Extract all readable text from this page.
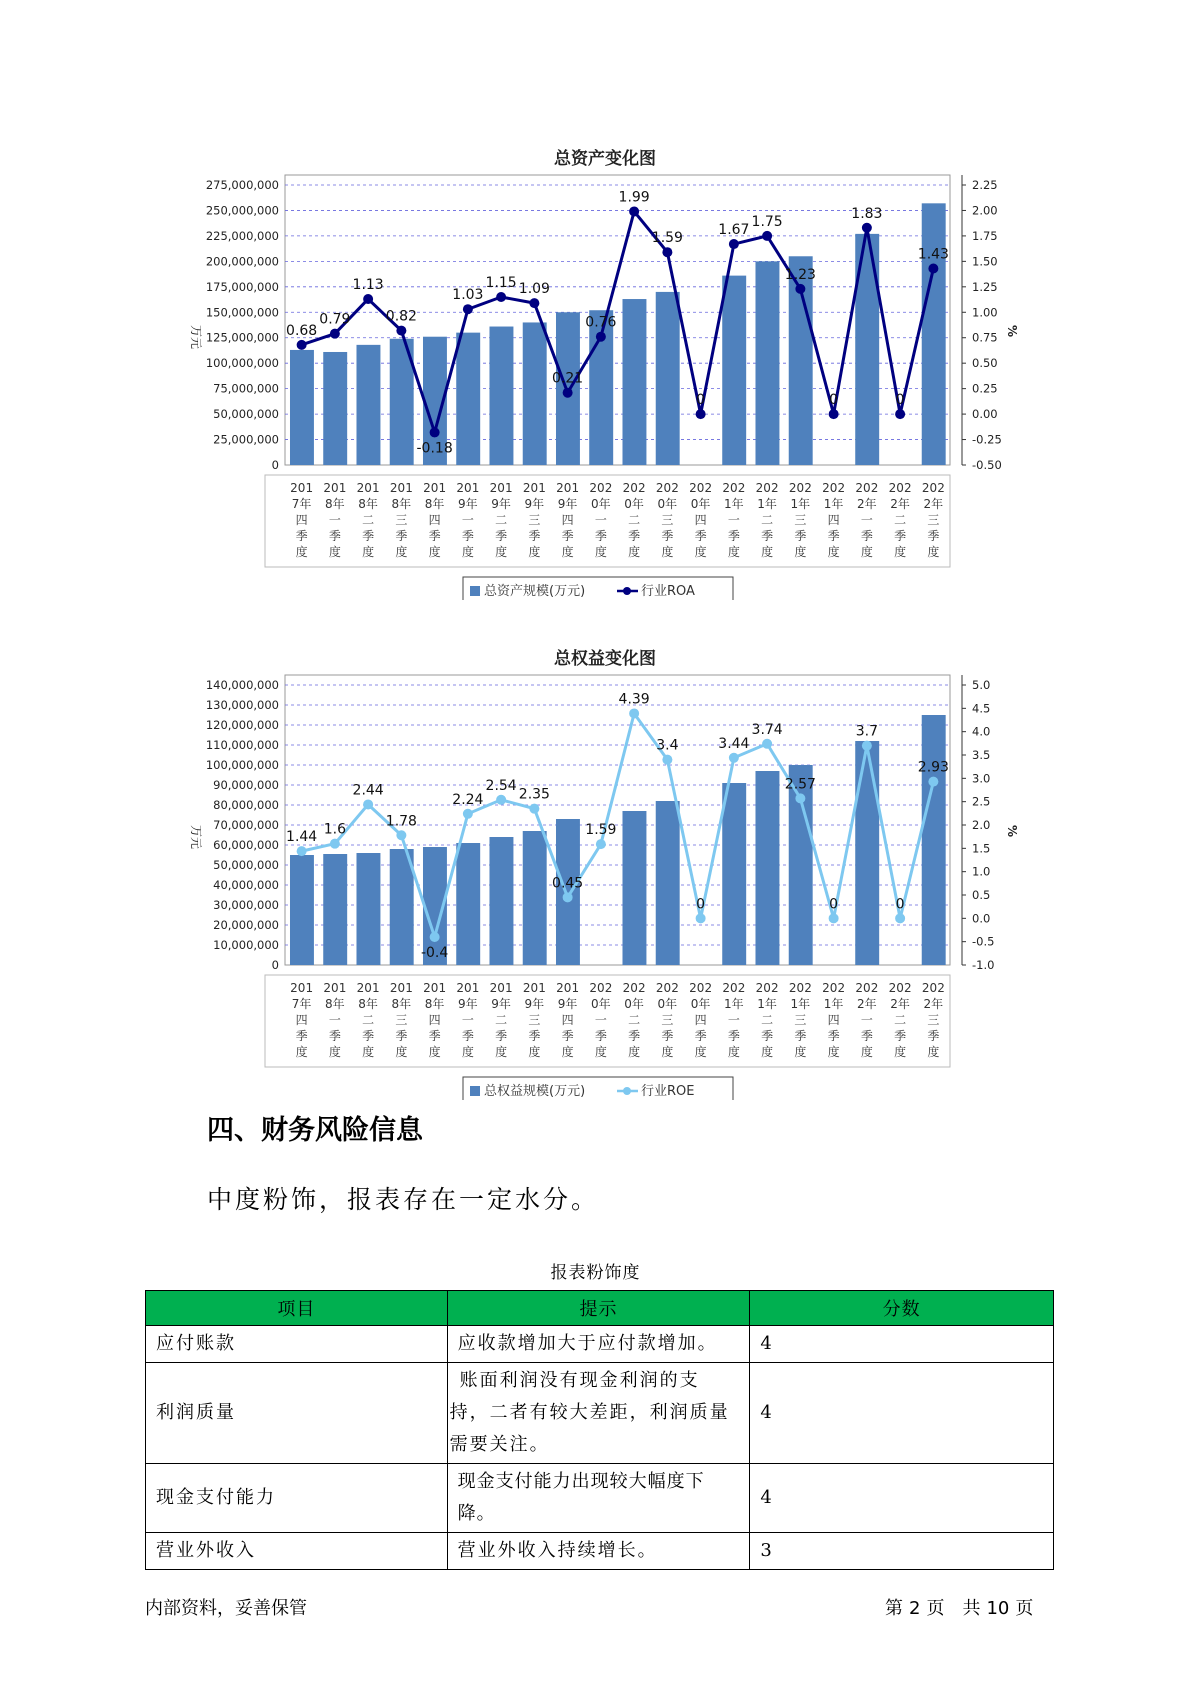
总资产变化图
0
25,000,000
50,000,000
75,000,000
100,000,000
125,000,000
150,000,000
175,000,000
200,000,000
225,000,000
250,000,000
275,000,000
-0.50
-0.25
0.00
0.25
0.50
0.75
1.00
1.25
1.50
1.75
2.00
2.25
万元	%
201
7年
四
季
度
201
8年
一
季
度
201
8年
二
季
度
201
8年
三
季
度
201
8年
四
季
度
201
9年
一
季
度
201
9年
二
季
度
201
9年
三
季
度
201
9年
四
季
度
202
0年
一
季
度
202
0年
二
季
度
202
0年
三
季
度
202
0年
四
季
度
202
1年
一
季
度
202
1年
二
季
度
202
1年
三
季
度
202
1年
四
季
度
202
2年
一
季
度
202
2年
二
季
度
202
2年
三
季
度
0.68
0.79
1.13
0.82
-0.18
1.03
1.15 1.09
0.21
0.76
1.99
1.59
0
1.67
1.75
1.23
0
1.83
0
1.43
总资产规模(万元)	行业ROA
总权益变化图
0
10,000,000
20,000,000
30,000,000
40,000,000
50,000,000
60,000,000
70,000,000
80,000,000
90,000,000
100,000,000
110,000,000
120,000,000
130,000,000
140,000,000
-1.0
-0.5
0.0
0.5
1.0
1.5
2.0
2.5
3.0
3.5
4.0
4.5
5.0
万元	%
201
7年
四
季
度
201
8年
一
季
度
201
8年
二
季
度
201
8年
三
季
度
201
8年
四
季
度
201
9年
一
季
度
201
9年
二
季
度
201
9年
三
季
度
201
9年
四
季
度
202
0年
一
季
度
202
0年
二
季
度
202
0年
三
季
度
202
0年
四
季
度
202
1年
一
季
度
202
1年
二
季
度
202
1年
三
季
度
202
1年
四
季
度
202
2年
一
季
度
202
2年
二
季
度
202
2年
三
季
度
1.44 1.6
2.44
1.78
-0.4
2.24
2.54
2.35
0.45
1.59
4.39
3.4
0
3.44
3.74
2.57
0
3.7
0
2.93
总权益规模(万元)	行业ROE
四、财务风险信息
中度粉饰，报表存在一定水分。
报表粉饰度
项目	提示	分数
应付账款	应收款增加大于应付款增加。	4
利润质量	账面利润没有现金利润的支持，二者有较大差距，利润质量需要关注。	4
现金支付能力	现金支付能力出现较大幅度下降。	4
营业外收入	营业外收入持续增长。	3
内部资料，妥善保管	第 2 页 共 10 页
